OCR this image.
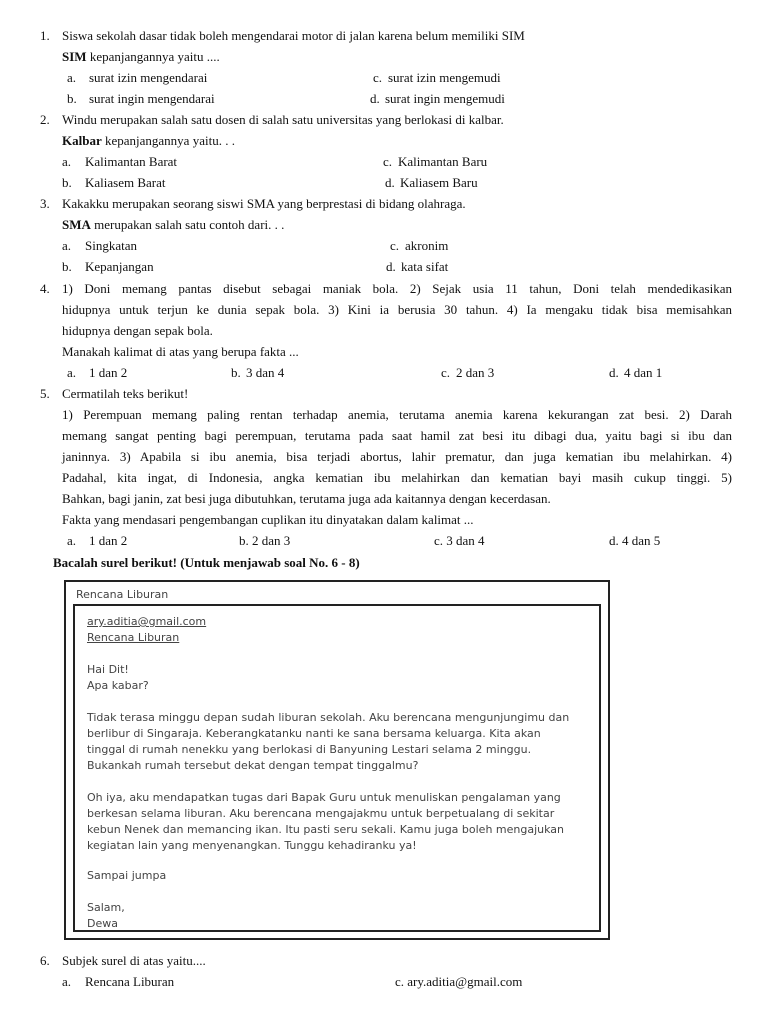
1. Siswa sekolah dasar tidak boleh mengendarai motor di jalan karena belum memiliki SIM
SIM kepanjangannya yaitu ....
a. surat izin mengendarai
b. surat ingin mengendarai
c. surat izin mengemudi
d. surat ingin mengemudi
2. Windu merupakan salah satu dosen di salah satu universitas yang berlokasi di kalbar.
Kalbar kepanjangannya yaitu. . .
a. Kalimantan Barat
b. Kaliasem Barat
c. Kalimantan Baru
d. Kaliasem Baru
3. Kakakku merupakan seorang siswi SMA yang berprestasi di bidang olahraga.
SMA merupakan salah satu contoh dari. . .
a. Singkatan
b. Kepanjangan
c. akronim
d. kata sifat
4. 1) Doni memang pantas disebut sebagai maniak bola. 2) Sejak usia 11 tahun, Doni telah mendedikasikan
hidupnya untuk terjun ke dunia sepak bola. 3) Kini ia berusia 30 tahun. 4) Ia mengaku tidak bisa memisahkan
hidupnya dengan sepak bola.
Manakah kalimat di atas yang berupa fakta ...
a. 1 dan 2	b. 3 dan 4	c. 2 dan 3	d. 4 dan 1
5. Cermatilah teks berikut!
1) Perempuan memang paling rentan terhadap anemia, terutama anemia karena kekurangan zat besi. 2) Darah
memang sangat penting bagi perempuan, terutama pada saat hamil zat besi itu dibagi dua, yaitu bagi si ibu dan
janinnya. 3) Apabila si ibu anemia, bisa terjadi abortus, lahir prematur, dan juga kematian ibu melahirkan. 4)
Padahal, kita ingat, di Indonesia, angka kematian ibu melahirkan dan kematian bayi masih cukup tinggi. 5)
Bahkan, bagi janin, zat besi juga dibutuhkan, terutama juga ada kaitannya dengan kecerdasan.
Fakta yang mendasari pengembangan cuplikan itu dinyatakan dalam kalimat ...
a. 1 dan 2	b. 2 dan 3	c. 3 dan 4	d. 4 dan 5
Bacalah surel berikut! (Untuk menjawab soal No. 6 - 8)
Rencana Liburan
ary.aditia@gmail.com
Rencana Liburan
Hai Dit!
Apa kabar?
Tidak terasa minggu depan sudah liburan sekolah. Aku berencana mengunjungimu dan
berlibur di Singaraja. Keberangkatanku nanti ke sana bersama keluarga. Kita akan
tinggal di rumah nenekku yang berlokasi di Banyuning Lestari selama 2 minggu.
Bukankah rumah tersebut dekat dengan tempat tinggalmu?
Oh iya, aku mendapatkan tugas dari Bapak Guru untuk menuliskan pengalaman yang
berkesan selama liburan. Aku berencana mengajakmu untuk berpetualang di sekitar
kebun Nenek dan memancing ikan. Itu pasti seru sekali. Kamu juga boleh mengajukan
kegiatan lain yang menyenangkan. Tunggu kehadiranku ya!
Sampai jumpa
Salam,
Dewa
6. Subjek surel di atas yaitu....
a. Rencana Liburan	c. ary.aditia@gmail.com
